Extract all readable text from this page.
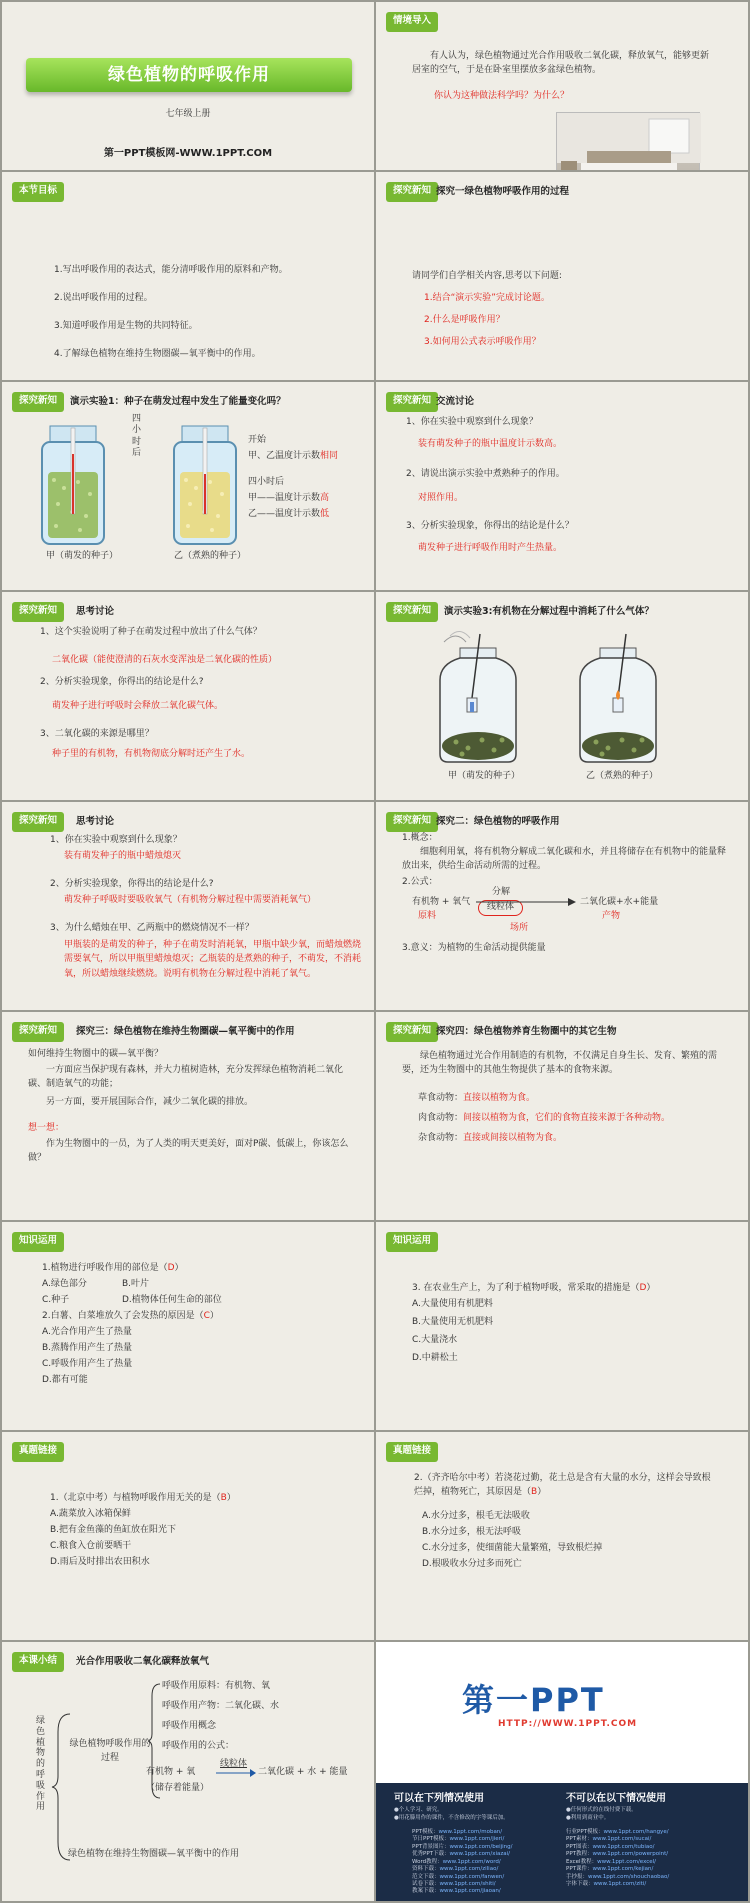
绿色植物的呼吸作用
七年级上册
第一PPT模板网-WWW.1PPT.COM
情境导入
有人认为，绿色植物通过光合作用吸收二氧化碳，释放氧气，能够更新居室的空气，于是在卧室里摆放多盆绿色植物。
你认为这种做法科学吗？为什么？
本节目标
1.写出呼吸作用的表达式，能分清呼吸作用的原料和产物。
2.说出呼吸作用的过程。
3.知道呼吸作用是生物的共同特征。
4.了解绿色植物在维持生物圈碳—氧平衡中的作用。
探究新知 探究一绿色植物呼吸作用的过程
请同学们自学相关内容,思考以下问题:
1.结合“演示实验”完成讨论题。
2.什么是呼吸作用？
3.如何用公式表示呼吸作用？
探究新知	演示实验1：种子在萌发过程中发生了能量变化吗？
四小时后
甲（萌发的种子）	乙（煮熟的种子）
开始
甲、乙温度计示数相同
四小时后
甲——温度计示数高
乙——温度计示数低
探究新知 交流讨论
1、你在实验中观察到什么现象？
装有萌发种子的瓶中温度计示数高。
2、请说出演示实验中煮熟种子的作用。
对照作用。
3、分析实验现象，你得出的结论是什么？
萌发种子进行呼吸作用时产生热量。
探究新知	思考讨论
1、这个实验说明了种子在萌发过程中放出了什么气体？
二氧化碳（能使澄清的石灰水变浑浊是二氧化碳的性质）
2、分析实验现象，你得出的结论是什么?
萌发种子进行呼吸时会释放二氧化碳气体。
3、二氧化碳的来源是哪里？
种子里的有机物，有机物彻底分解时还产生了水。
探究新知	演示实验3:有机物在分解过程中消耗了什么气体？
甲（萌发的种子）	乙（煮熟的种子）
探究新知	思考讨论
1、你在实验中观察到什么现象？
装有萌发种子的瓶中蜡烛熄灭
2、分析实验现象，你得出的结论是什么?
萌发种子呼吸时要吸收氧气（有机物分解过程中需要消耗氧气）
3、为什么蜡烛在甲、乙两瓶中的燃烧情况不一样？
甲瓶装的是萌发的种子，种子在萌发时消耗氧，甲瓶中缺少氧，而蜡烛燃烧需要氧气，所以甲瓶里蜡烛熄灭；乙瓶装的是煮熟的种子，不萌发，不消耗氧，所以蜡烛继续燃烧。说明有机物在分解过程中消耗了氧气。
探究新知 探究二：绿色植物的呼吸作用
1.概念：
细胞利用氧，将有机物分解成二氧化碳和水，并且将储存在有机物中的能量释放出来，供给生命活动所需的过程。
2.公式：
有机物 + 氧气
分解
线粒体	二氧化碳+水+能量
原料	产物
场所
3.意义：为植物的生命活动提供能量
探究新知	探究三：绿色植物在维持生物圈碳—氧平衡中的作用
如何维持生物圈中的碳—氧平衡？
一方面应当保护现有森林，并大力植树造林，充分发挥绿色植物消耗二氧化碳、制造氧气的功能；
另一方面，要开展国际合作，减少二氧化碳的排放。
想一想：
作为生物圈中的一员，为了人类的明天更美好，面对P碳、低碳上，你该怎么做？
探究新知 探究四：绿色植物养育生物圈中的其它生物
绿色植物通过光合作用制造的有机物，不仅满足自身生长、发育、繁殖的需要，还为生物圈中的其他生物提供了基本的食物来源。
草食动物：直接以植物为食。
肉食动物：间接以植物为食，它们的食物直接来源于各种动物。
杂食动物：直接或间接以植物为食。
知识运用
1.植物进行呼吸作用的部位是（D）
A.绿色部分	B.叶片
C.种子	D.植物体任何生命的部位
2.白薯、白菜堆放久了会发热的原因是（C）
A.光合作用产生了热量
B.蒸腾作用产生了热量
C.呼吸作用产生了热量
D.都有可能
知识运用
3. 在农业生产上，为了利于植物呼吸，常采取的措施是（D）
A.大量使用有机肥料
B.大量使用无机肥料
C.大量浇水
D.中耕松土
真题链接
1.（北京中考）与植物呼吸作用无关的是（B）
A.蔬菜放入冰箱保鲜
B.把有金鱼藻的鱼缸放在阳光下
C.粮食入仓前要晒干
D.雨后及时排出农田积水
真题链接
2.（齐齐哈尔中考）若浇花过勤，花土总是含有大量的水分，这样会导致根烂掉，植物死亡，其原因是（B）
A.水分过多，根毛无法吸收
B.水分过多，根无法呼吸
C.水分过多，使细菌能大量繁殖，导致根烂掉
D.根吸收水分过多而死亡
本课小结	光合作用吸收二氧化碳释放氧气
绿色植物的呼吸作用
绿色植物呼吸作用的过程
呼吸作用原料：有机物、氧
呼吸作用产物：二氧化碳、水
呼吸作用概念
呼吸作用的公式：
有机物 + 氧
线粒体
二氧化碳 + 水 + 能量
（储存着能量）
绿色植物在维持生物圈碳—氧平衡中的作用
第一PPT
HTTP://WWW.1PPT.COM
可以在下列情况使用
●个人学习、研究。
●用花籐用作的课件，不含修改的字等课后加。
不可以在以下情况使用
●任何形式的在线付费下载。
●利用到商业中。
PPT模板：www.1ppt.com/moban/
节日PPT模板：www.1ppt.com/jieri/
PPT背景图片：www.1ppt.com/beijing/
优秀PPT下载：www.1ppt.com/xiazai/
Word教程：www.1ppt.com/word/
资料下载：www.1ppt.com/ziliao/
范文下载：www.1ppt.com/fanwen/
试卷下载：www.1ppt.com/shiti/
教案下载：www.1ppt.com/jiaoan/
行业PPT模板：www.1ppt.com/hangye/
PPT素材：www.1ppt.com/sucai/
PPT图表：www.1ppt.com/tubiao/
PPT教程：www.1ppt.com/powerpoint/
Excel教程：www.1ppt.com/excel/
PPT课件：www.1ppt.com/kejian/
手抄报：www.1ppt.com/shouchaobao/
字体下载：www.1ppt.com/ziti/
